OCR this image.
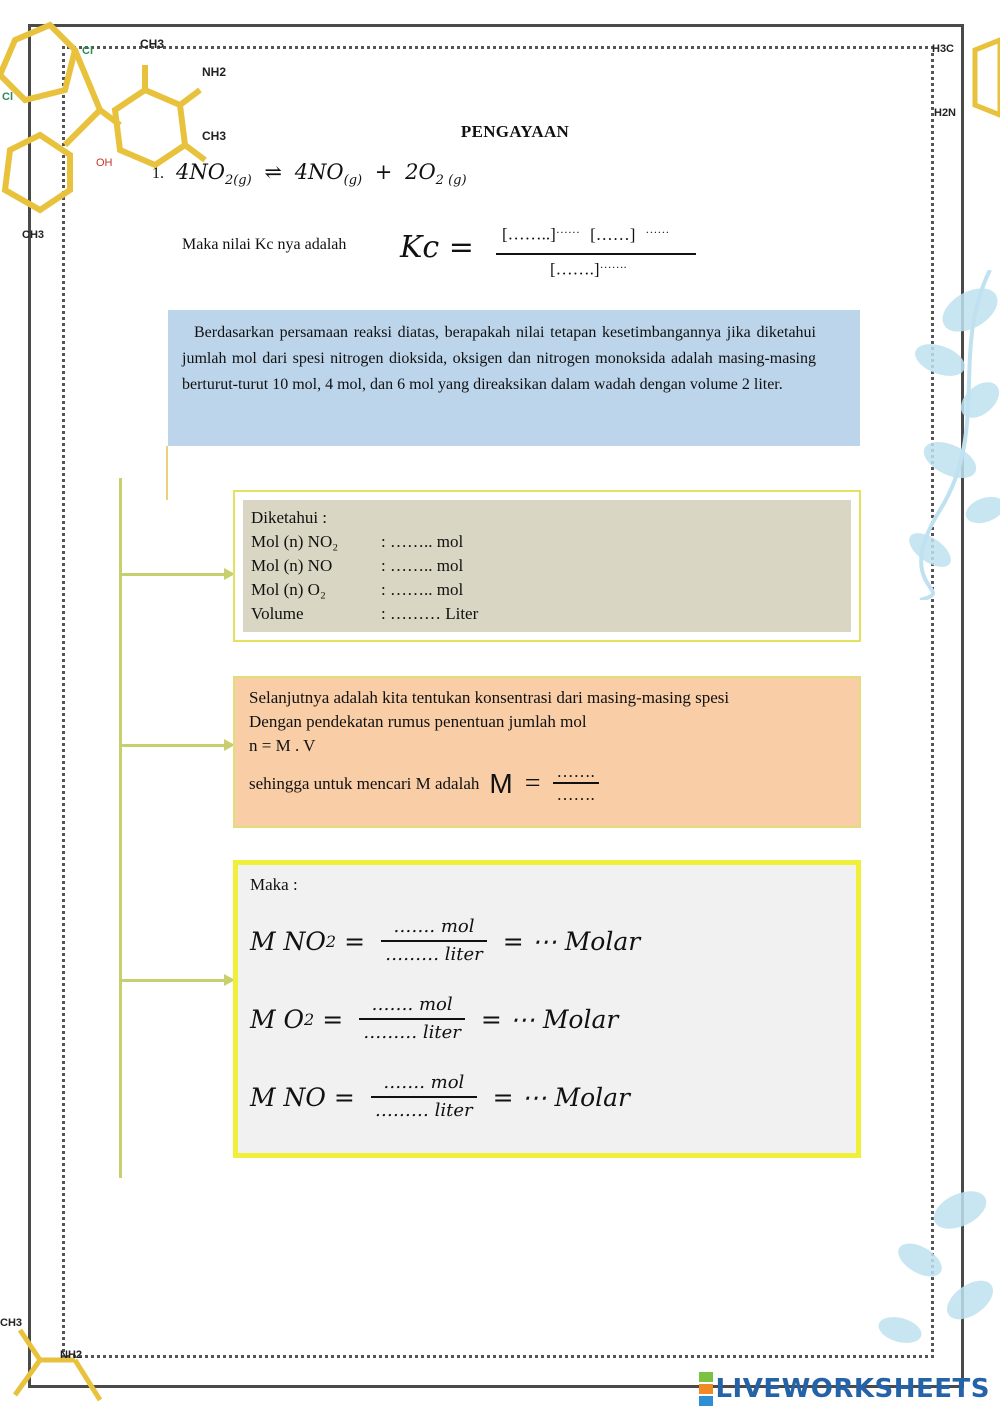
CH3
NH2
CH3
OH
Cl
Cl
CH3
H3C
H2N
CH3
NH2
PENGAYAAN
1. $4NO_{2(g)}$ ⇌ $4NO_{(g)} + 2O_{2 (g)}$
Maka nilai Kc nya adalah Kc = [……..]…… [……] ……
[…….]…….
Berdasarkan persamaan reaksi diatas, berapakah nilai tetapan kesetimbangannya jika diketahui jumlah mol dari spesi nitrogen dioksida, oksigen dan nitrogen monoksida adalah masing-masing berturut-turut 10 mol, 4 mol, dan 6 mol yang direaksikan dalam wadah dengan volume 2 liter.
Diketahui :
Mol (n) NO₂	: …….. mol
Mol (n) NO	: …….. mol
Mol (n) O₂	: …….. mol
Volume	: ……… Liter
Selanjutnya adalah kita tentukan konsentrasi dari masing-masing spesi
Dengan pendekatan rumus penentuan jumlah mol
n = M . V
sehingga untuk mencari M adalah $M = \frac{\dots\dots.}{\dots\dots.}$
Maka :
M NO $2 = \frac{\text{……. mol}}{\text{……… liter}}$ = ⋯ Molar
M O $2 = \frac{\text{……. mol}}{\text{……… liter}}$ = ⋯ Molar
M NO = $\frac{\text{……. mol}}{\text{……… liter}}$ = ⋯ Molar
LIVEWORKSHEETS
